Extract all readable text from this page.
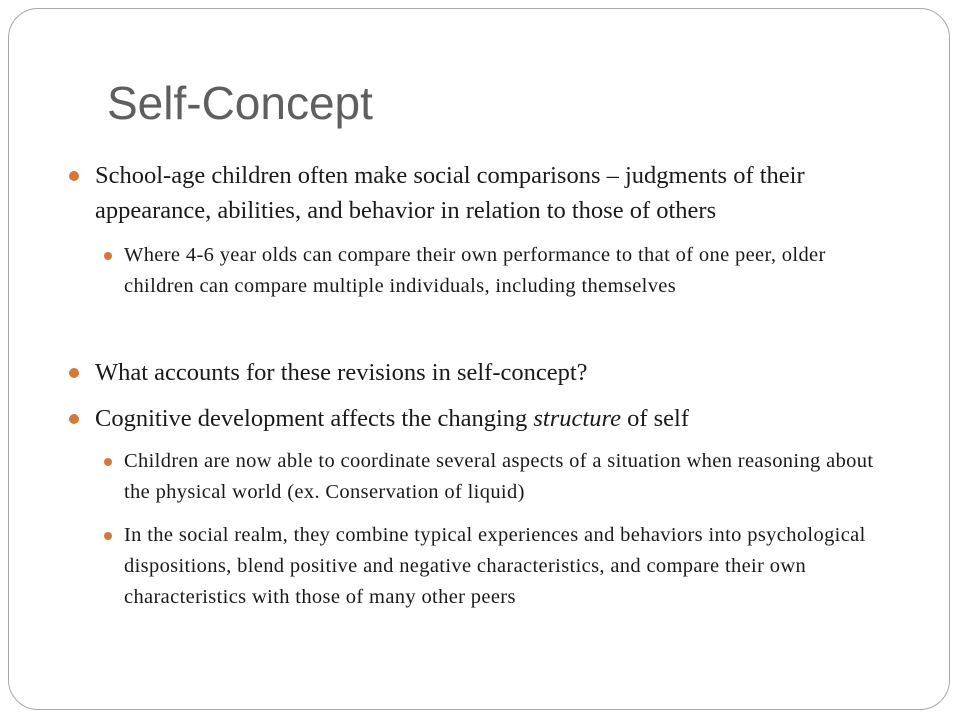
Self-Concept

School-age children often make social comparisons – judgments of their appearance, abilities, and behavior in relation to those of others

Where 4-6 year olds can compare their own performance to that of one peer, older children can compare multiple individuals, including themselves

What accounts for these revisions in self-concept?

Cognitive development affects the changing structure of self

Children are now able to coordinate several aspects of a situation when reasoning about the physical world (ex. Conservation of liquid)

In the social realm, they combine typical experiences and behaviors into psychological dispositions, blend positive and negative characteristics, and compare their own characteristics with those of many other peers
